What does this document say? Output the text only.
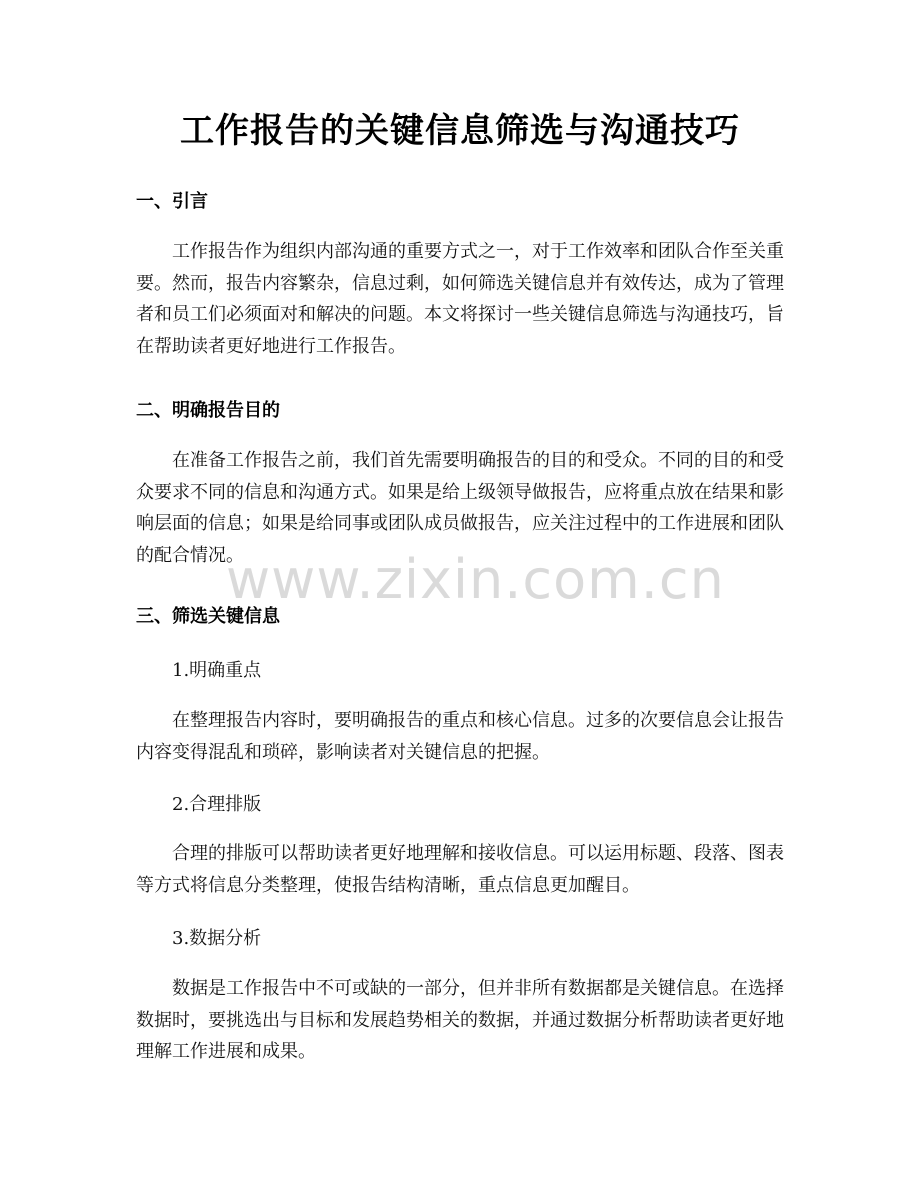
工作报告的关键信息筛选与沟通技巧
一、引言
工作报告作为组织内部沟通的重要方式之一，对于工作效率和团队合作至关重要。然而，报告内容繁杂，信息过剩，如何筛选关键信息并有效传达，成为了管理者和员工们必须面对和解决的问题。本文将探讨一些关键信息筛选与沟通技巧，旨在帮助读者更好地进行工作报告。
二、明确报告目的
在准备工作报告之前，我们首先需要明确报告的目的和受众。不同的目的和受众要求不同的信息和沟通方式。如果是给上级领导做报告，应将重点放在结果和影响层面的信息；如果是给同事或团队成员做报告，应关注过程中的工作进展和团队的配合情况。
三、筛选关键信息
1.明确重点
在整理报告内容时，要明确报告的重点和核心信息。过多的次要信息会让报告内容变得混乱和琐碎，影响读者对关键信息的把握。
2.合理排版
合理的排版可以帮助读者更好地理解和接收信息。可以运用标题、段落、图表等方式将信息分类整理，使报告结构清晰，重点信息更加醒目。
3.数据分析
数据是工作报告中不可或缺的一部分，但并非所有数据都是关键信息。在选择数据时，要挑选出与目标和发展趋势相关的数据，并通过数据分析帮助读者更好地理解工作进展和成果。
www.zixin.com.cn
